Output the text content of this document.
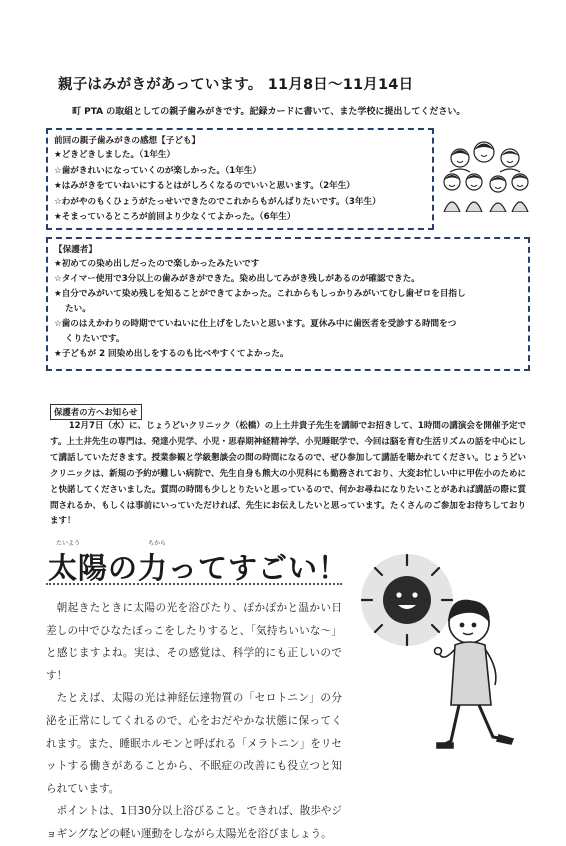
親子はみがきがあっています。 11月8日～11月14日
町 PTA の取組としての親子歯みがきです。記録カードに書いて、また学校に提出してください。
前回の親子歯みがきの感想【子ども】
★どきどきしました。（1年生）
☆歯がきれいになっていくのが楽しかった。（1年生）
★はみがきをていねいにするとはがしろくなるのでいいと思います。（2年生）
☆わがやのもくひょうがたっせいできたのでこれからもがんばりたいです。（3年生）
★そまっているところが前回より少なくてよかった。（6年生）
【保護者】
★初めての染め出しだったので楽しかったみたいです
☆タイマー使用で3分以上の歯みがきができた。染め出してみがき残しがあるのが確認できた。
★自分でみがいて染め残しを知ることができてよかった。これからもしっかりみがいてむし歯ゼロを目指し
たい。
☆歯のはえかわりの時期でていねいに仕上げをしたいと思います。夏休み中に歯医者を受診する時間をつ
くりたいです。
★子どもが 2 回染め出しをするのも比べやすくてよかった。
保護者の方へお知らせ
12月7日（水）に、じょうどいクリニック（松橋）の上土井貴子先生を講師でお招きして、1時間の講演会を開催予定です。上土井先生の専門は、発達小児学、小児・思春期神経精神学、小児睡眠学で、今回は脳を育む生活リズムの話を中心にして講話していただきます。授業参観と学級懇談会の間の時間になるので、ぜひ参加して講話を聴かれてください。じょうどいクリニックは、新規の予約が難しい病院で、先生自身も熊大の小児科にも勤務されており、大変お忙しい中に甲佐小のためにと快諾してくださいました。質問の時間も少しとりたいと思っているので、何かお尋ねになりたいことがあれば講話の際に質問されるか、もしくは事前にいっていただければ、先生にお伝えしたいと思っています。たくさんのご参加をお待ちしております！
たいよう	ちから
太陽の力ってすごい！

朝起きたときに太陽の光を浴びたり、ぽかぽかと温かい日差しの中でひなたぼっこをしたりすると、「気持ちいいな～」と感じますよね。実は、その感覚は、科学的にも正しいのです！

たとえば、太陽の光は神経伝達物質の「セロトニン」の分泌を正常にしてくれるので、心をおだやかな状態に保ってくれます。また、睡眠ホルモンと呼ばれる「メラトニン」をリセットする働きがあることから、不眠症の改善にも役立つと知られています。

ポイントは、1日30分以上浴びること。できれば、散歩やジョギングなどの軽い運動をしながら太陽光を浴びましょう。
